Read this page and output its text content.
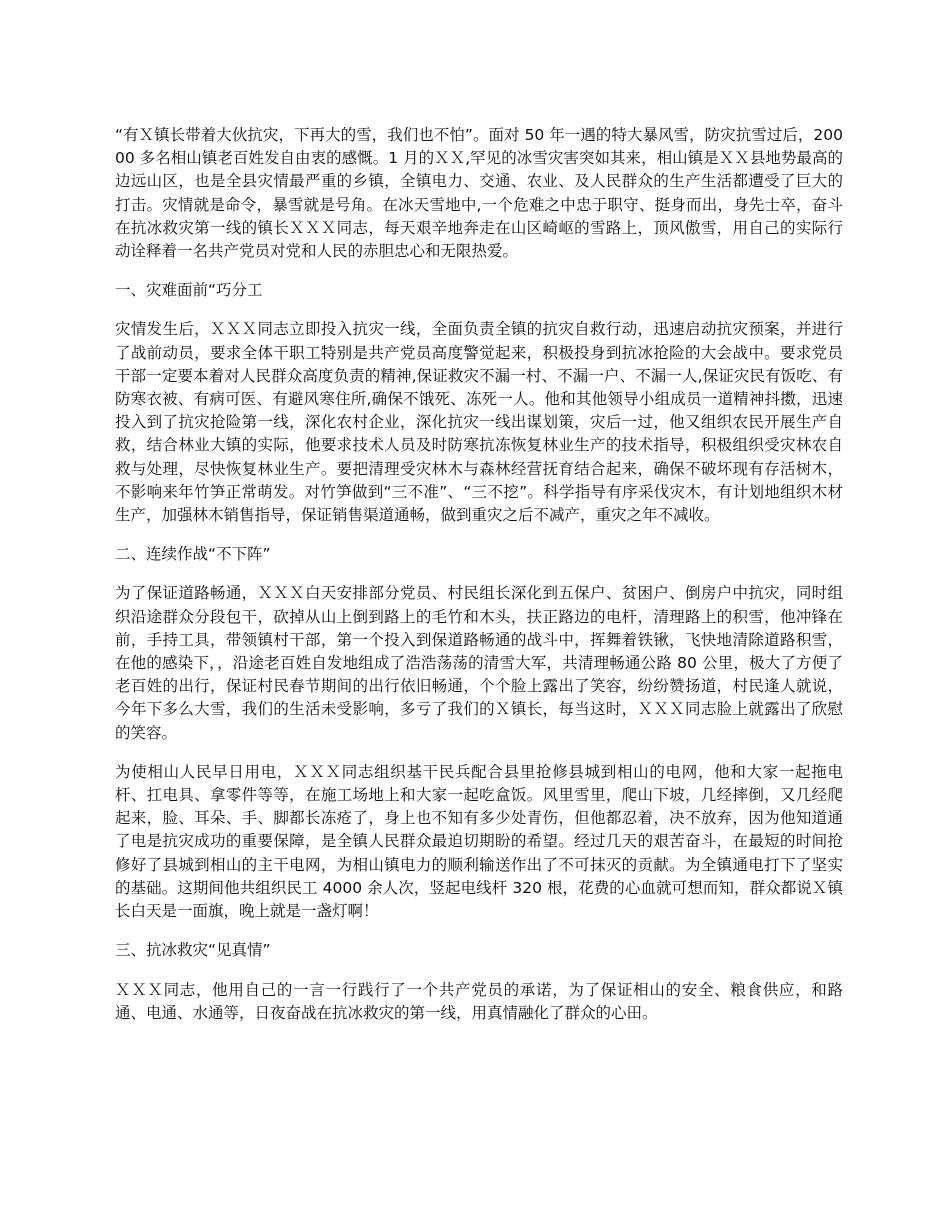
“有Ｘ镇长带着大伙抗灾，下再大的雪，我们也不怕”。面对 50 年一遇的特大暴风雪，防灾抗雪过后，20000 多名相山镇老百姓发自由衷的感慨。1 月的ＸＸ,罕见的冰雪灾害突如其来，相山镇是ＸＸ县地势最高的边远山区，也是全县灾情最严重的乡镇，全镇电力、交通、农业、及人民群众的生产生活都遭受了巨大的打击。灾情就是命令，暴雪就是号角。在冰天雪地中,一个危难之中忠于职守、挺身而出，身先士卒，奋斗在抗冰救灾第一线的镇长ＸＸＸ同志，每天艰辛地奔走在山区崎岖的雪路上，顶风傲雪，用自己的实际行动诠释着一名共产党员对党和人民的赤胆忠心和无限热爱。

一、灾难面前“巧分工

灾情发生后，ＸＸＸ同志立即投入抗灾一线，全面负责全镇的抗灾自救行动，迅速启动抗灾预案，并进行了战前动员，要求全体干职工特别是共产党员高度警觉起来，积极投身到抗冰抢险的大会战中。要求党员干部一定要本着对人民群众高度负责的精神,保证救灾不漏一村、不漏一户、不漏一人,保证灾民有饭吃、有防寒衣被、有病可医、有避风寒住所,确保不饿死、冻死一人。他和其他领导小组成员一道精神抖擞，迅速投入到了抗灾抢险第一线，深化农村企业，深化抗灾一线出谋划策，灾后一过，他又组织农民开展生产自救，结合林业大镇的实际，他要求技术人员及时防寒抗冻恢复林业生产的技术指导，积极组织受灾林农自救与处理，尽快恢复林业生产。要把清理受灾林木与森林经营抚育结合起来，确保不破坏现有存活树木，不影响来年竹笋正常萌发。对竹笋做到“三不准”、“三不挖”。科学指导有序采伐灾木，有计划地组织木材生产，加强林木销售指导，保证销售渠道通畅，做到重灾之后不减产，重灾之年不减收。

二、连续作战“不下阵”

为了保证道路畅通，ＸＸＸ白天安排部分党员、村民组长深化到五保户、贫困户、倒房户中抗灾，同时组织沿途群众分段包干，砍掉从山上倒到路上的毛竹和木头，扶正路边的电杆，清理路上的积雪，他冲锋在前，手持工具，带领镇村干部，第一个投入到保道路畅通的战斗中，挥舞着铁锹，飞快地清除道路积雪，在他的感染下，，沿途老百姓自发地组成了浩浩荡荡的清雪大军，共清理畅通公路 80 公里，极大了方便了老百姓的出行，保证村民春节期间的出行依旧畅通，个个脸上露出了笑容，纷纷赞扬道，村民逢人就说，今年下多么大雪，我们的生活未受影响，多亏了我们的Ｘ镇长，每当这时，ＸＸＸ同志脸上就露出了欣慰的笑容。

为使相山人民早日用电，ＸＸＸ同志组织基干民兵配合县里抢修县城到相山的电网，他和大家一起拖电杆、扛电具、拿零件等等，在施工场地上和大家一起吃盒饭。风里雪里，爬山下坡，几经摔倒，又几经爬起来，脸、耳朵、手、脚都长冻疮了，身上也不知有多少处青伤，但他都忍着，决不放弃，因为他知道通了电是抗灾成功的重要保障，是全镇人民群众最迫切期盼的希望。经过几天的艰苦奋斗，在最短的时间抢修好了县城到相山的主干电网，为相山镇电力的顺利输送作出了不可抹灭的贡献。为全镇通电打下了坚实的基础。这期间他共组织民工 4000 余人次，竖起电线杆 320 根，花费的心血就可想而知，群众都说Ｘ镇长白天是一面旗，晚上就是一盏灯啊！

三、抗冰救灾“见真情”

ＸＸＸ同志，他用自己的一言一行践行了一个共产党员的承诺，为了保证相山的安全、粮食供应，和路通、电通、水通等，日夜奋战在抗冰救灾的第一线，用真情融化了群众的心田。
